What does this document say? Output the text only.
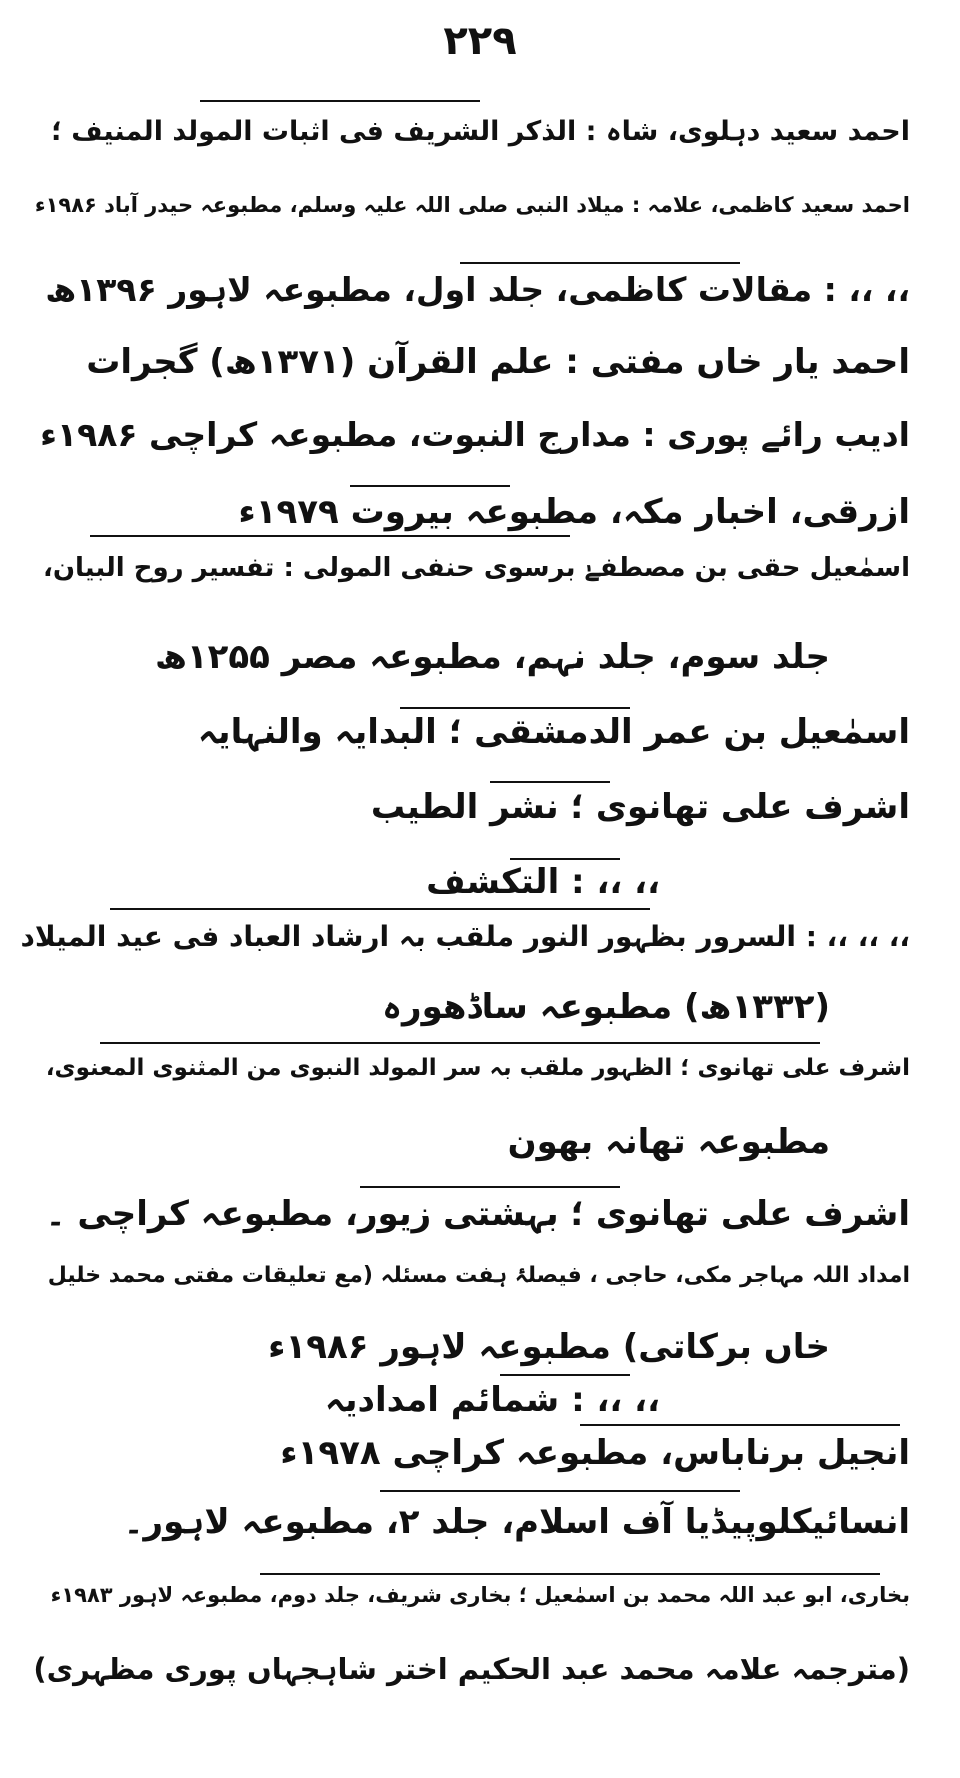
۲۲۹
احمد سعید دہلوی، شاہ : الذکر الشریف فی اثبات المولد المنیف ؛
احمد سعید کاظمی، علامہ : میلاد النبی صلی اللہ علیہ وسلم، مطبوعہ حیدر آباد ۱۹۸۶ء
،، ،، : مقالات کاظمی، جلد اول، مطبوعہ لاہور ۱۳۹۶ھ
احمد یار خاں مفتی : علم القرآن (۱۳۷۱ھ) گجرات
ادیب رائے پوری : مدارج النبوت، مطبوعہ کراچی ۱۹۸۶ء
ازرقی، اخبار مکہ، مطبوعہ بیروت ۱۹۷۹ء
اسمٰعیل حقی بن مصطفےٰ برسوی حنفی المولی : تفسیر روح البیان،
جلد سوم، جلد نہم، مطبوعہ مصر ۱۲۵۵ھ
اسمٰعیل بن عمر الدمشقی ؛ البدایہ والنہایہ
اشرف علی تھانوی ؛ نشر الطیب
،، ،، : التکشف
،، ،، ،، : السرور بظہور النور ملقب بہ ارشاد العباد فی عید المیلاد
(۱۳۳۲ھ) مطبوعہ ساڈھورہ
اشرف علی تھانوی ؛ الظہور ملقب بہ سر المولد النبوی من المثنوی المعنوی،
مطبوعہ تھانہ بھون
اشرف علی تھانوی ؛ بہشتی زیور، مطبوعہ کراچی ۔
امداد اللہ مہاجر مکی، حاجی ، فیصلۂ ہفت مسئلہ (مع تعلیقات مفتی محمد خلیل
خاں برکاتی) مطبوعہ لاہور ۱۹۸۶ء
،، ،، : شمائم امدادیہ
انجیل برناباس، مطبوعہ کراچی ۱۹۷۸ء
انسائیکلوپیڈیا آف اسلام، جلد ۲، مطبوعہ لاہور۔
بخاری، ابو عبد اللہ محمد بن اسمٰعیل ؛ بخاری شریف، جلد دوم، مطبوعہ لاہور ۱۹۸۳ء
(مترجمہ علامہ محمد عبد الحکیم اختر شاہجہاں پوری مظہری)
